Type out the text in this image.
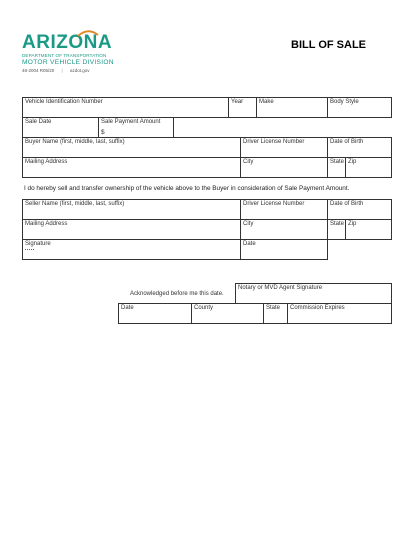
ARIZONA
DEPARTMENT OF TRANSPORTATION
MOTOR VEHICLE DIVISION
48-2004 R05/20 | azdot.gov
BILL OF SALE
Vehicle Identification Number	Year	Make	Body Style
Sale Date	Sale Payment Amount
$
Buyer Name (first, middle, last, suffix)	Driver License Number	Date of Birth
Mailing Address	City	State Zip
I do hereby sell and transfer ownership of the vehicle above to the Buyer in consideration of Sale Payment Amount.
Seller Name (first, middle, last, suffix)	Driver License Number	Date of Birth
Mailing Address	City	State Zip
Signature	Date
Acknowledged before me this date.
Notary or MVD Agent Signature
Date	County	State Commission Expires
